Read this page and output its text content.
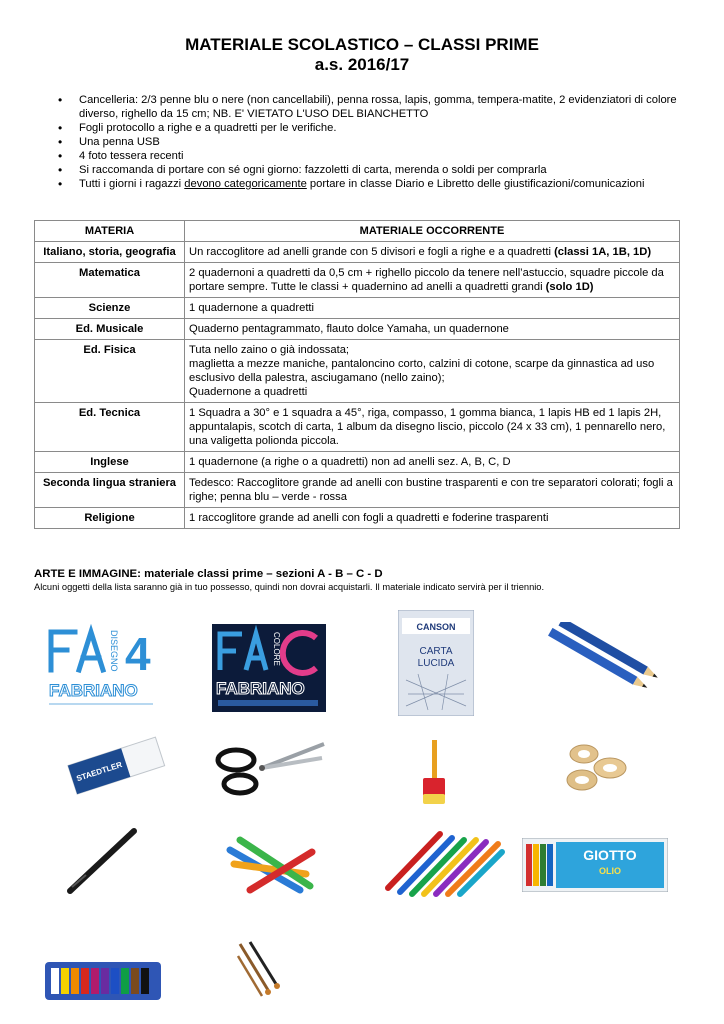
MATERIALE SCOLASTICO – CLASSI PRIME
a.s. 2016/17
• Cancelleria: 2/3 penne blu o nere (non cancellabili), penna rossa, lapis, gomma, tempera-matite, 2 evidenziatori di colore diverso, righello da 15 cm; NB. E' VIETATO L'USO DEL BIANCHETTO
• Fogli protocollo a righe e a quadretti per le verifiche.
• Una penna USB
• 4 foto tessera recenti
• Si raccomanda di portare con sé ogni giorno: fazzoletti di carta, merenda o soldi per comprarla
• Tutti i giorni i ragazzi devono categoricamente portare in classe Diario e Libretto delle giustificazioni/comunicazioni
MATERIA	MATERIALE OCCORRENTE
Italiano, storia, geografia	Un raccoglitore ad anelli grande con 5 divisori e fogli a righe e a quadretti (classi 1A, 1B, 1D)
Matematica	2 quadernoni a quadretti da 0,5 cm + righello piccolo da tenere nell’astuccio, squadre piccole da portare sempre. Tutte le classi + quadernino ad anelli a quadretti grandi (solo 1D)
Scienze	1 quadernone a quadretti
Ed. Musicale	Quaderno pentagrammato, flauto dolce Yamaha, un quadernone
Ed. Fisica	Tuta nello zaino o già indossata;
maglietta a mezze maniche, pantaloncino corto, calzini di cotone, scarpe da ginnastica ad uso esclusivo della palestra, asciugamano (nello zaino);
Quadernone a quadretti
Ed. Tecnica	1 Squadra a 30° e 1 squadra a 45°, riga, compasso, 1 gomma bianca, 1 lapis HB ed 1 lapis 2H, appuntalapis, scotch di carta, 1 album da disegno liscio, piccolo (24 x 33 cm), 1 pennarello nero, una valigetta polionda piccola.
Inglese	1 quadernone (a righe o a quadretti) non ad anelli sez. A, B, C, D
Seconda lingua straniera	Tedesco: Raccoglitore grande ad anelli con bustine trasparenti e con tre separatori colorati; fogli a righe; penna blu – verde - rossa
Religione	1 raccoglitore grande ad anelli con fogli a quadretti e foderine trasparenti
ARTE E IMMAGINE: materiale classi prime – sezioni A - B – C - D
Alcuni oggetti della lista saranno già in tuo possesso, quindi non dovrai acquistarli. Il materiale indicato servirà per il triennio.
DISEGNO 4
FABRIANO
COLORE
FABRIANO
CANSON
CARTA
LUCIDA
STAEDTLER
GIOTTO
OLIO
